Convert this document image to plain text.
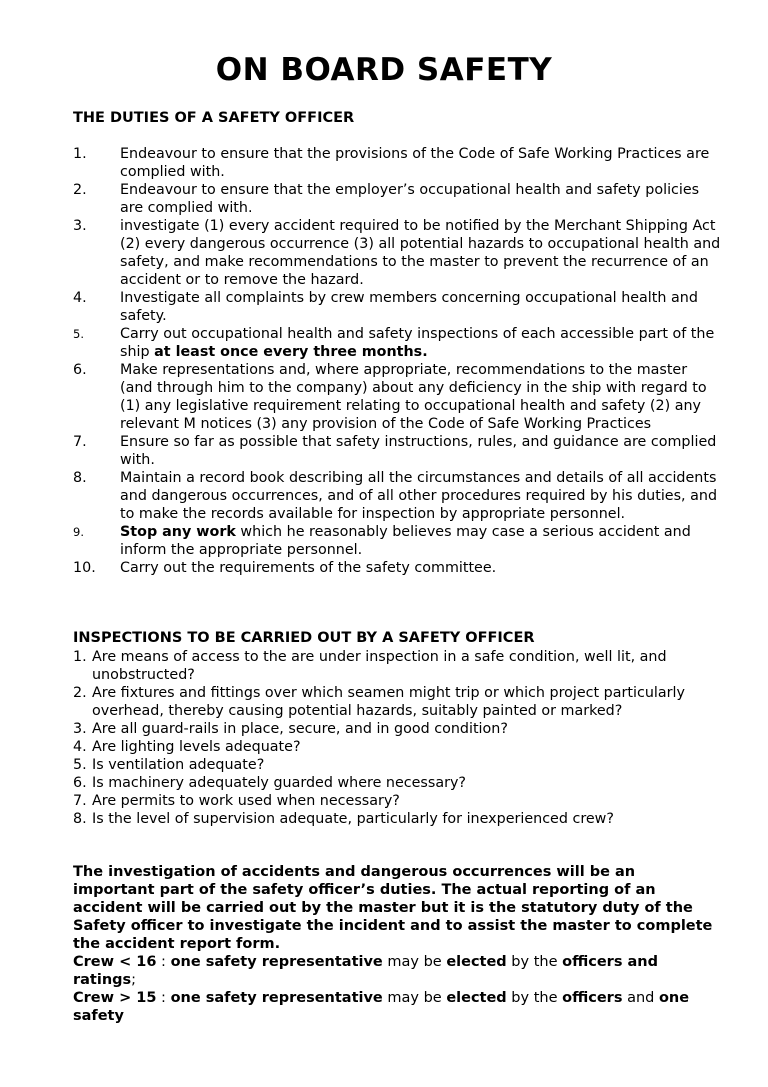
ON BOARD SAFETY
THE DUTIES OF A SAFETY OFFICER
1.	Endeavour to ensure that the provisions of the Code of Safe Working Practices are complied with.
2.	Endeavour to ensure that the employer’s occupational health and safety policies are complied with.
3.	investigate (1) every accident required to be notified by the Merchant Shipping Act (2) every dangerous occurrence (3) all potential hazards to occupational health and safety, and make recommendations to the master to prevent the recurrence of an accident or to remove the hazard.
4.	Investigate all complaints by crew members concerning occupational health and safety.
5.	Carry out occupational health and safety inspections of each accessible part of the ship at least once every three months.
6.	Make representations and, where appropriate, recommendations to the master (and through him to the company) about any deficiency in the ship with regard to (1) any legislative requirement relating to occupational health and safety (2) any relevant M notices (3) any provision of the Code of Safe Working Practices
7.	Ensure so far as possible that safety instructions, rules, and guidance are complied with.
8.	Maintain a record book describing all the circumstances and details of all accidents and dangerous occurrences, and of all other procedures required by his duties, and to make the records available for inspection by appropriate personnel.
9.	Stop any work which he reasonably believes may case a serious accident and inform the appropriate personnel.
10.	Carry out the requirements of the safety committee.
INSPECTIONS TO BE CARRIED OUT BY A SAFETY OFFICER
1. Are means of access to the are under inspection in a safe condition, well lit, and unobstructed?
2. Are fixtures and fittings over which seamen might trip or which project particularly overhead, thereby causing potential hazards, suitably painted or marked?
3. Are all guard-rails in place, secure, and in good condition?
4. Are lighting levels adequate?
5. Is ventilation adequate?
6. Is machinery adequately guarded where necessary?
7. Are permits to work used when necessary?
8. Is the level of supervision adequate, particularly for inexperienced crew?
The investigation of accidents and dangerous occurrences will be an important part of the safety officer’s duties. The actual reporting of an accident will be carried out by the master but it is the statutory duty of the Safety officer to investigate the incident and to assist the master to complete the accident report form.
Crew < 16 : one safety representative may be elected by the officers and ratings;
Crew > 15 : one safety representative may be elected by the officers and one safety
